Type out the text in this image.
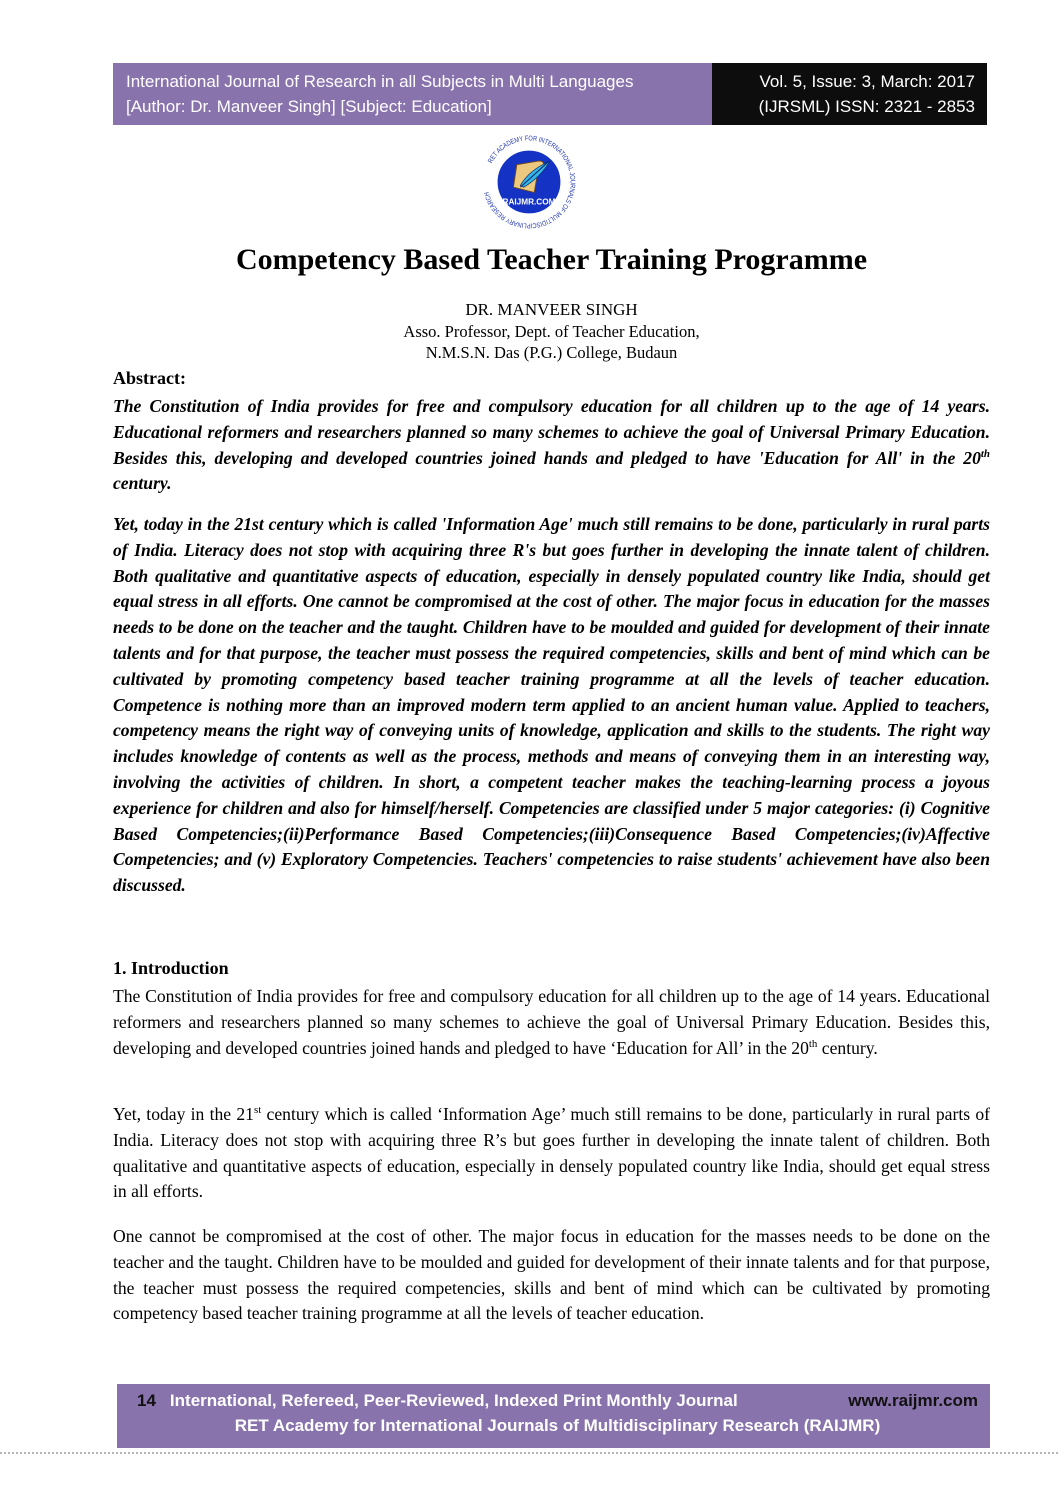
International Journal of Research in all Subjects in Multi Languages
[Author: Dr. Manveer Singh] [Subject: Education]
Vol. 5, Issue: 3, March: 2017
(IJRSML) ISSN: 2321 - 2853
RET ACADEMY FOR INTERNATIONAL JOURNALS OF MULTIDISCIPLINARY RESEARCH
RAIJMR.COM
Competency Based Teacher Training Programme
DR. MANVEER SINGH
Asso. Professor, Dept. of Teacher Education,
N.M.S.N. Das (P.G.) College, Budaun
Abstract:

The Constitution of India provides for free and compulsory education for all children up to the age of 14 years. Educational reformers and researchers planned so many schemes to achieve the goal of Universal Primary Education. Besides this, developing and developed countries joined hands and pledged to have 'Education for All' in the 20th century.

Yet, today in the 21st century which is called 'Information Age' much still remains to be done, particularly in rural parts of India. Literacy does not stop with acquiring three R's but goes further in developing the innate talent of children. Both qualitative and quantitative aspects of education, especially in densely populated country like India, should get equal stress in all efforts. One cannot be compromised at the cost of other. The major focus in education for the masses needs to be done on the teacher and the taught. Children have to be moulded and guided for development of their innate talents and for that purpose, the teacher must possess the required competencies, skills and bent of mind which can be cultivated by promoting competency based teacher training programme at all the levels of teacher education. Competence is nothing more than an improved modern term applied to an ancient human value. Applied to teachers, competency means the right way of conveying units of knowledge, application and skills to the students. The right way includes knowledge of contents as well as the process, methods and means of conveying them in an interesting way, involving the activities of children. In short, a competent teacher makes the teaching-learning process a joyous experience for children and also for himself/herself. Competencies are classified under 5 major categories: (i) Cognitive Based Competencies;(ii)Performance Based Competencies;(iii)Consequence Based Competencies;(iv)Affective Competencies; and (v) Exploratory Competencies. Teachers' competencies to raise students' achievement have also been discussed.

1. Introduction

The Constitution of India provides for free and compulsory education for all children up to the age of 14 years. Educational reformers and researchers planned so many schemes to achieve the goal of Universal Primary Education. Besides this, developing and developed countries joined hands and pledged to have ‘Education for All’ in the 20th century.

Yet, today in the 21st century which is called ‘Information Age’ much still remains to be done, particularly in rural parts of India. Literacy does not stop with acquiring three R’s but goes further in developing the innate talent of children. Both qualitative and quantitative aspects of education, especially in densely populated country like India, should get equal stress in all efforts.

One cannot be compromised at the cost of other. The major focus in education for the masses needs to be done on the teacher and the taught. Children have to be moulded and guided for development of their innate talents and for that purpose, the teacher must possess the required competencies, skills and bent of mind which can be cultivated by promoting competency based teacher training programme at all the levels of teacher education.

14 International, Refereed, Peer-Reviewed, Indexed Print Monthly Journal	www.raijmr.com
RET Academy for International Journals of Multidisciplinary Research (RAIJMR)
